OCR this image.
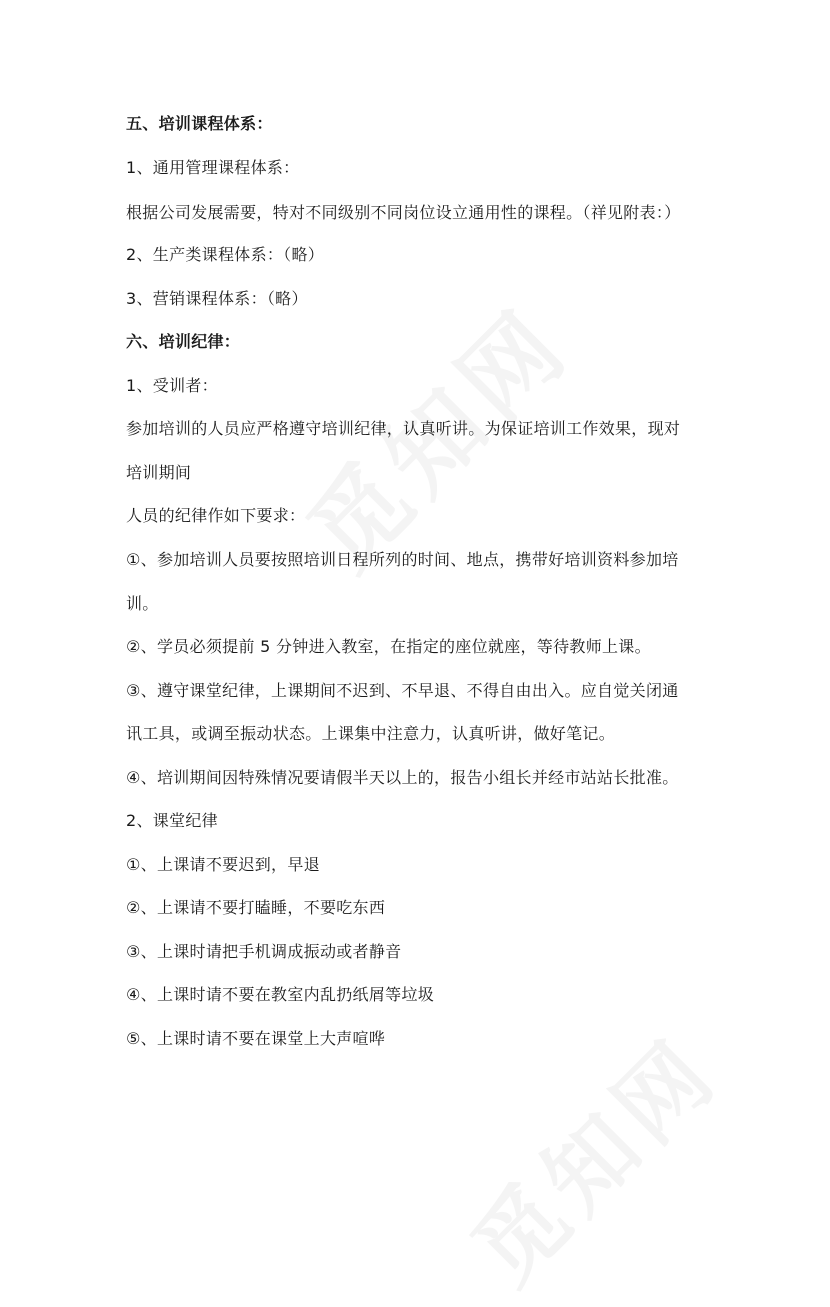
五、培训课程体系：
1、通用管理课程体系：
根据公司发展需要，特对不同级别不同岗位设立通用性的课程。（祥见附表：）
2、生产类课程体系：（略）
3、营销课程体系：（略）
六、培训纪律：
1、受训者：
参加培训的人员应严格遵守培训纪律，认真听讲。为保证培训工作效果，现对
培训期间
人员的纪律作如下要求：
①、参加培训人员要按照培训日程所列的时间、地点，携带好培训资料参加培
训。
②、学员必须提前 5 分钟进入教室，在指定的座位就座，等待教师上课。
③、遵守课堂纪律，上课期间不迟到、不早退、不得自由出入。应自觉关闭通
讯工具，或调至振动状态。上课集中注意力，认真听讲，做好笔记。
④、培训期间因特殊情况要请假半天以上的，报告小组长并经市站站长批准。
2、课堂纪律
①、上课请不要迟到，早退
②、上课请不要打瞌睡，不要吃东西
③、上课时请把手机调成振动或者静音
④、上课时请不要在教室内乱扔纸屑等垃圾
⑤、上课时请不要在课堂上大声喧哗
